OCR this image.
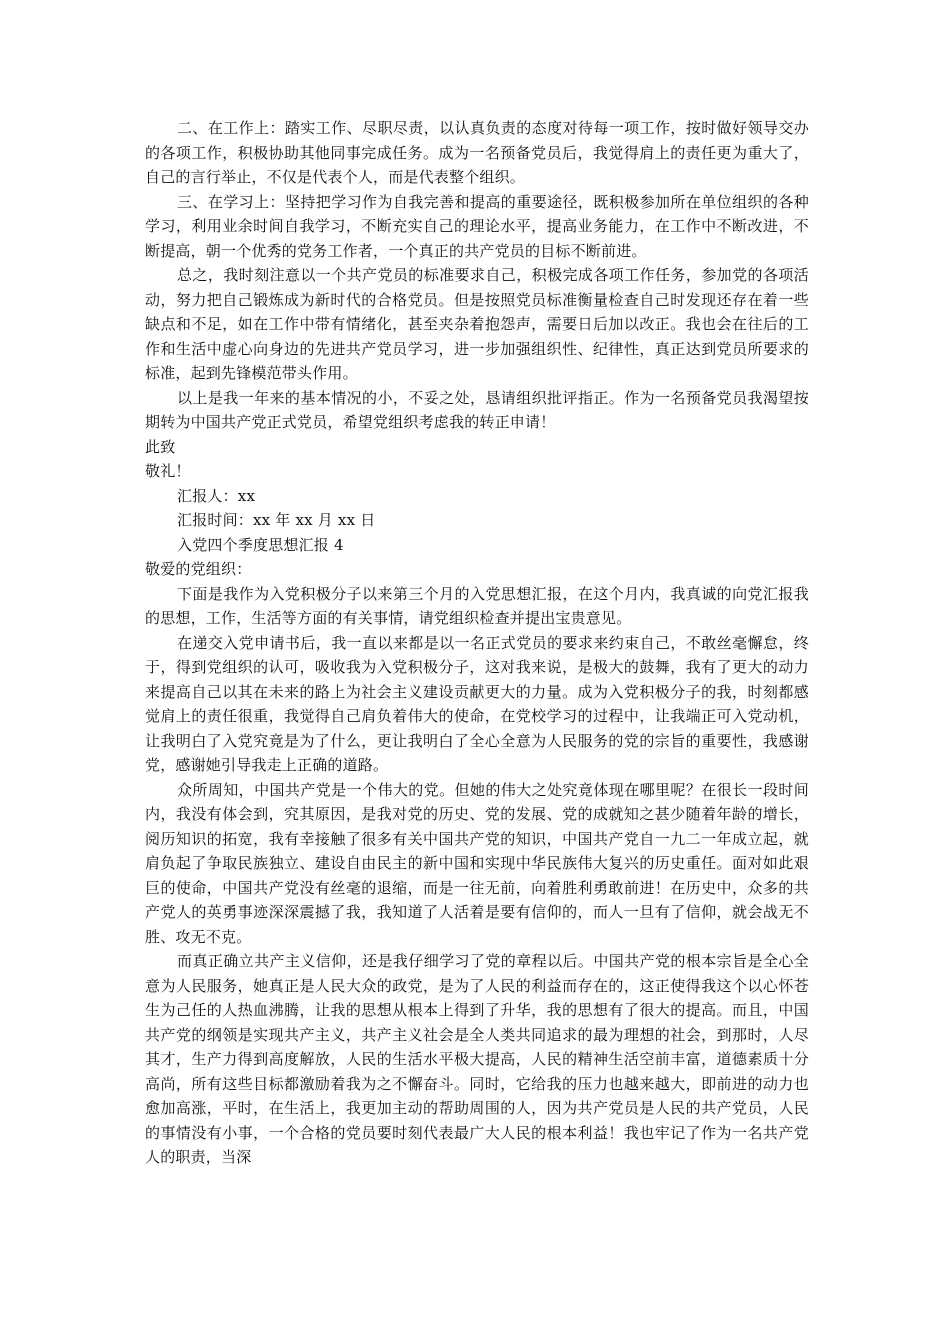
二、在工作上：踏实工作、尽职尽责，以认真负责的态度对待每一项工作，按时做好领导交办的各项工作，积极协助其他同事完成任务。成为一名预备党员后，我觉得肩上的责任更为重大了，自己的言行举止，不仅是代表个人，而是代表整个组织。

三、在学习上：坚持把学习作为自我完善和提高的重要途径，既积极参加所在单位组织的各种学习，利用业余时间自我学习，不断充实自己的理论水平，提高业务能力，在工作中不断改进，不断提高，朝一个优秀的党务工作者，一个真正的共产党员的目标不断前进。

总之，我时刻注意以一个共产党员的标准要求自己，积极完成各项工作任务，参加党的各项活动，努力把自己锻炼成为新时代的合格党员。但是按照党员标准衡量检查自己时发现还存在着一些缺点和不足，如在工作中带有情绪化，甚至夹杂着抱怨声，需要日后加以改正。我也会在往后的工作和生活中虚心向身边的先进共产党员学习，进一步加强组织性、纪律性，真正达到党员所要求的标准，起到先锋模范带头作用。

以上是我一年来的基本情况的小，不妥之处，恳请组织批评指正。作为一名预备党员我渴望按期转为中国共产党正式党员，希望党组织考虑我的转正申请！

此致

敬礼！

汇报人：xx

汇报时间：xx 年 xx 月 xx 日

入党四个季度思想汇报 4

敬爱的党组织：

下面是我作为入党积极分子以来第三个月的入党思想汇报，在这个月内，我真诚的向党汇报我的思想，工作，生活等方面的有关事情，请党组织检查并提出宝贵意见。

在递交入党申请书后，我一直以来都是以一名正式党员的要求来约束自己，不敢丝毫懈怠，终于，得到党组织的认可，吸收我为入党积极分子，这对我来说，是极大的鼓舞，我有了更大的动力来提高自己以其在未来的路上为社会主义建设贡献更大的力量。成为入党积极分子的我，时刻都感觉肩上的责任很重，我觉得自己肩负着伟大的使命，在党校学习的过程中，让我端正可入党动机，让我明白了入党究竟是为了什么，更让我明白了全心全意为人民服务的党的宗旨的重要性，我感谢党，感谢她引导我走上正确的道路。

众所周知，中国共产党是一个伟大的党。但她的伟大之处究竟体现在哪里呢？在很长一段时间内，我没有体会到，究其原因，是我对党的历史、党的发展、党的成就知之甚少随着年龄的增长，阅历知识的拓宽，我有幸接触了很多有关中国共产党的知识，中国共产党自一九二一年成立起，就肩负起了争取民族独立、建设自由民主的新中国和实现中华民族伟大复兴的历史重任。面对如此艰巨的使命，中国共产党没有丝毫的退缩，而是一往无前，向着胜利勇敢前进！在历史中，众多的共产党人的英勇事迹深深震撼了我，我知道了人活着是要有信仰的，而人一旦有了信仰，就会战无不胜、攻无不克。

而真正确立共产主义信仰，还是我仔细学习了党的章程以后。中国共产党的根本宗旨是全心全意为人民服务，她真正是人民大众的政党，是为了人民的利益而存在的，这正使得我这个以心怀苍生为己任的人热血沸腾，让我的思想从根本上得到了升华，我的思想有了很大的提高。而且，中国共产党的纲领是实现共产主义，共产主义社会是全人类共同追求的最为理想的社会，到那时，人尽其才，生产力得到高度解放，人民的生活水平极大提高，人民的精神生活空前丰富，道德素质十分高尚，所有这些目标都激励着我为之不懈奋斗。同时，它给我的压力也越来越大，即前进的动力也愈加高涨，平时，在生活上，我更加主动的帮助周围的人，因为共产党员是人民的共产党员，人民的事情没有小事，一个合格的党员要时刻代表最广大人民的根本利益！我也牢记了作为一名共产党人的职责，当深
